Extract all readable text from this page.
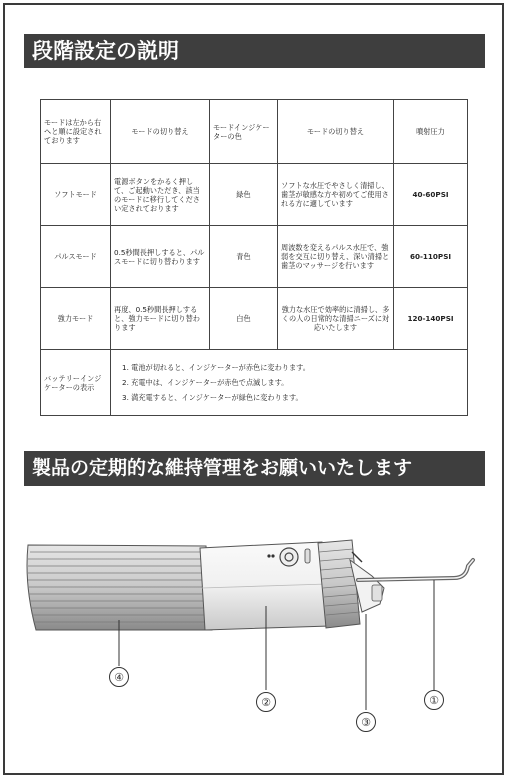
段階設定の説明
モードは左から右へと順に設定されております	モードの切り替え	モードインジケーターの色	モードの切り替え	噴射圧力
ソフトモード	電源ボタンをかるく押して、ご起動いただき、該当のモードに移行してください定されております	緑色	ソフトな水圧でやさしく清掃し、歯茎が敏感な方や初めてご使用される方に適しています	40-60PSI
パルスモード	0.5秒間長押しすると、パルスモードに切り替わります	青色	周波数を変えるパルス水圧で、強弱を交互に切り替え、深い清掃と歯茎のマッサージを行います	60-110PSI
強力モード	再度、0.5秒間長押しすると、強力モードに切り替わります	白色	強力な水圧で効率的に清掃し、多くの人の日常的な清掃ニーズに対応いたします	120-140PSI
バッテリーインジケーターの表示	1. 電池が切れると、インジケーターが赤色に変わります。
2. 充電中は、インジケーターが赤色で点滅します。
3. 満充電すると、インジケーターが緑色に変わります。			
製品の定期的な維持管理をお願いいたします
④
②	①
③
